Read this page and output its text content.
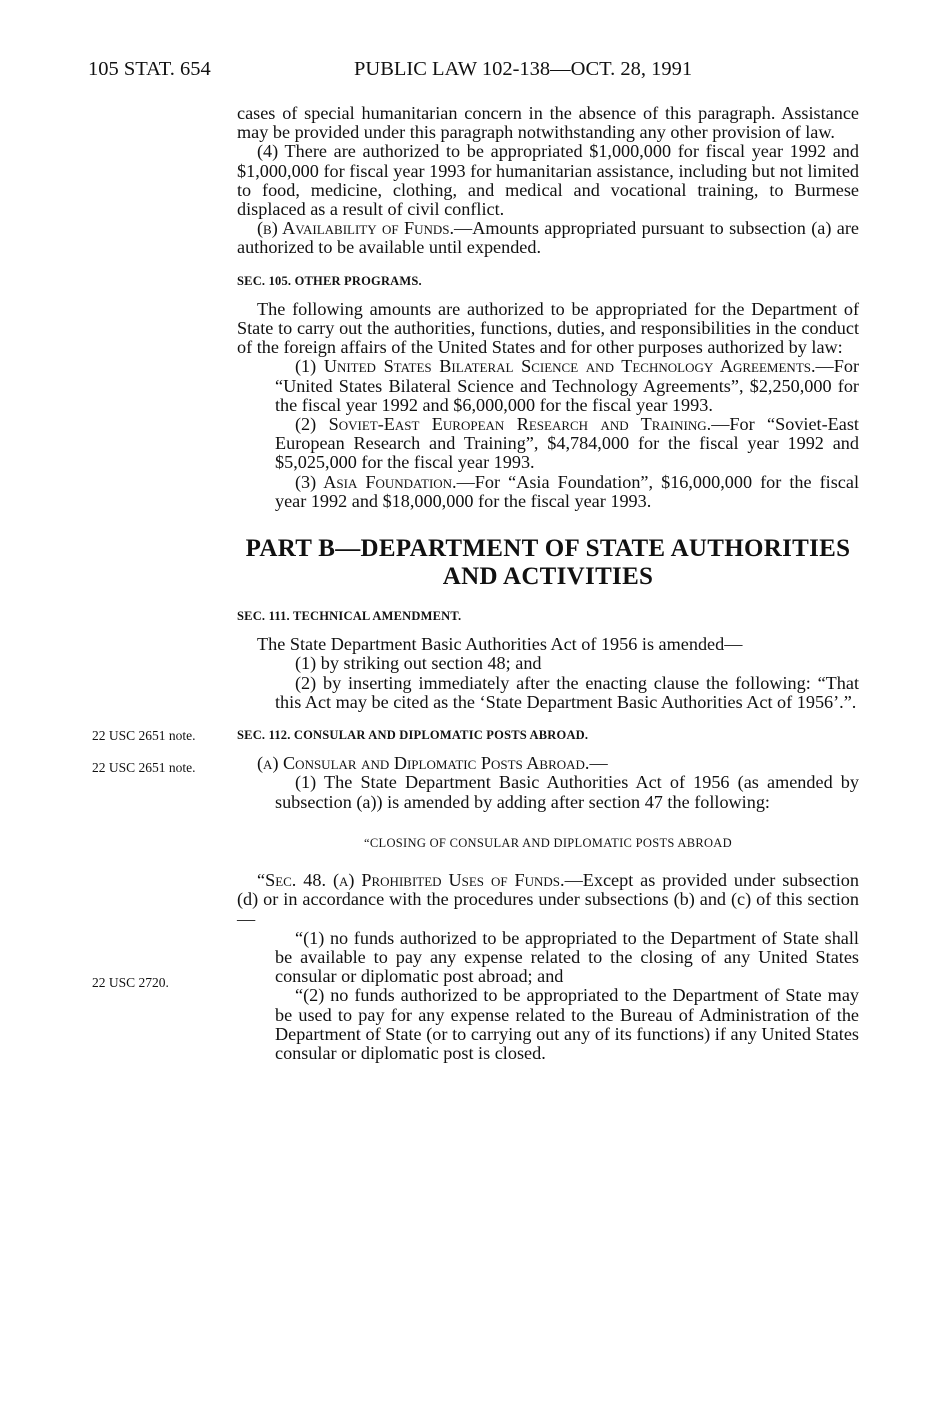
105 STAT. 654	PUBLIC LAW 102-138—OCT. 28, 1991
22 USC 2651 note.
22 USC 2651 note.
22 USC 2720.

cases of special humanitarian concern in the absence of this paragraph. Assistance may be provided under this paragraph notwithstanding any other provision of law.

(4) There are authorized to be appropriated $1,000,000 for fiscal year 1992 and $1,000,000 for fiscal year 1993 for humanitarian assistance, including but not limited to food, medicine, clothing, and medical and vocational training, to Burmese displaced as a result of civil conflict.

(b) Availability of Funds.—Amounts appropriated pursuant to subsection (a) are authorized to be available until expended.

SEC. 105. OTHER PROGRAMS.

The following amounts are authorized to be appropriated for the Department of State to carry out the authorities, functions, duties, and responsibilities in the conduct of the foreign affairs of the United States and for other purposes authorized by law:

(1) United States Bilateral Science and Technology Agreements.—For “United States Bilateral Science and Technology Agreements”, $2,250,000 for the fiscal year 1992 and $6,000,000 for the fiscal year 1993.

(2) Soviet-East European Research and Training.—For “Soviet-East European Research and Training”, $4,784,000 for the fiscal year 1992 and $5,025,000 for the fiscal year 1993.

(3) Asia Foundation.—For “Asia Foundation”, $16,000,000 for the fiscal year 1992 and $18,000,000 for the fiscal year 1993.

PART B—DEPARTMENT OF STATE AUTHORITIES AND ACTIVITIES

SEC. 111. TECHNICAL AMENDMENT.

The State Department Basic Authorities Act of 1956 is amended—

(1) by striking out section 48; and

(2) by inserting immediately after the enacting clause the following: “That this Act may be cited as the ‘State Department Basic Authorities Act of 1956’.”.

SEC. 112. CONSULAR AND DIPLOMATIC POSTS ABROAD.

(a) Consular and Diplomatic Posts Abroad.—

(1) The State Department Basic Authorities Act of 1956 (as amended by subsection (a)) is amended by adding after section 47 the following:

“CLOSING OF CONSULAR AND DIPLOMATIC POSTS ABROAD

“Sec. 48. (a) Prohibited Uses of Funds.—Except as provided under subsection (d) or in accordance with the procedures under subsections (b) and (c) of this section—

“(1) no funds authorized to be appropriated to the Department of State shall be available to pay any expense related to the closing of any United States consular or diplomatic post abroad; and

“(2) no funds authorized to be appropriated to the Department of State may be used to pay for any expense related to the Bureau of Administration of the Department of State (or to carrying out any of its functions) if any United States consular or diplomatic post is closed.
